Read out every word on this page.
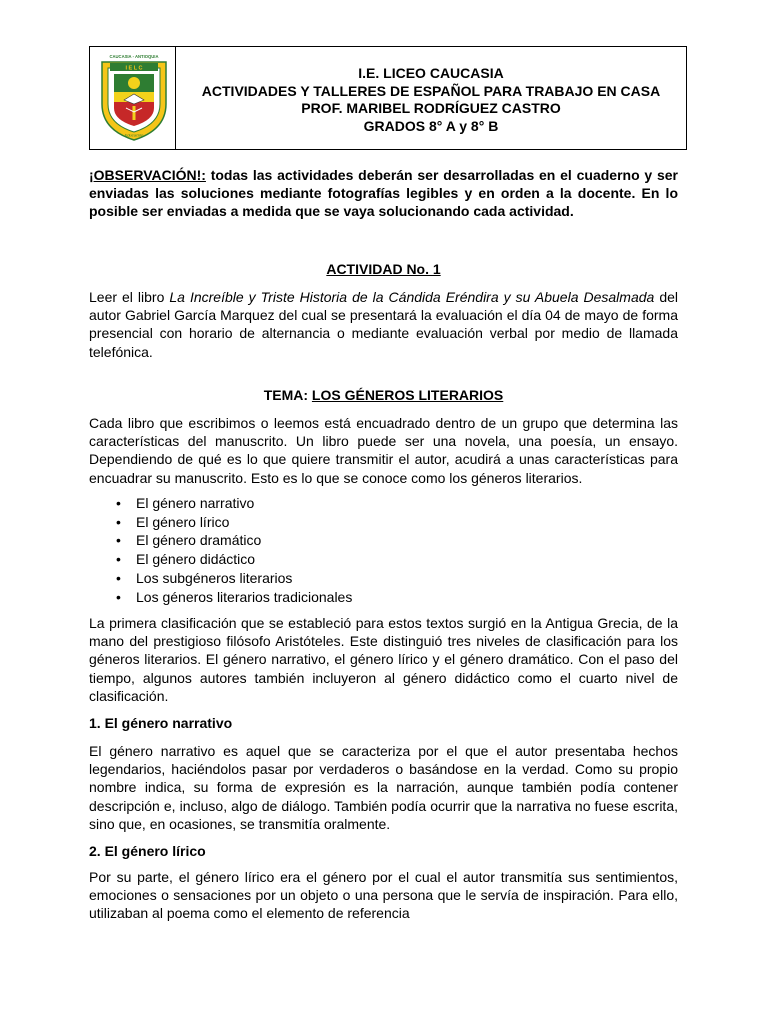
CAUCASIA - ANTIOQUIA
I E L C
Educación
I.E. LICEO CAUCASIA
ACTIVIDADES Y TALLERES DE ESPAÑOL PARA TRABAJO EN CASA
PROF. MARIBEL RODRÍGUEZ CASTRO
GRADOS 8° A y 8° B

¡OBSERVACIÓN!: todas las actividades deberán ser desarrolladas en el cuaderno y ser enviadas las soluciones mediante fotografías legibles y en orden a la docente. En lo posible ser enviadas a medida que se vaya solucionando cada actividad.

ACTIVIDAD No. 1

Leer el libro La Increíble y Triste Historia de la Cándida Eréndira y su Abuela Desalmada del autor Gabriel García Marquez del cual se presentará la evaluación el día 04 de mayo de forma presencial con horario de alternancia o mediante evaluación verbal por medio de llamada telefónica.

TEMA: LOS GÉNEROS LITERARIOS

Cada libro que escribimos o leemos está encuadrado dentro de un grupo que determina las características del manuscrito. Un libro puede ser una novela, una poesía, un ensayo. Dependiendo de qué es lo que quiere transmitir el autor, acudirá a unas características para encuadrar su manuscrito. Esto es lo que se conoce como los géneros literarios.

• El género narrativo
• El género lírico
• El género dramático
• El género didáctico
• Los subgéneros literarios
• Los géneros literarios tradicionales

La primera clasificación que se estableció para estos textos surgió en la Antigua Grecia, de la mano del prestigioso filósofo Aristóteles. Este distinguió tres niveles de clasificación para los géneros literarios. El género narrativo, el género lírico y el género dramático. Con el paso del tiempo, algunos autores también incluyeron al género didáctico como el cuarto nivel de clasificación.

1. El género narrativo

El género narrativo es aquel que se caracteriza por el que el autor presentaba hechos legendarios, haciéndolos pasar por verdaderos o basándose en la verdad. Como su propio nombre indica, su forma de expresión es la narración, aunque también podía contener descripción e, incluso, algo de diálogo. También podía ocurrir que la narrativa no fuese escrita, sino que, en ocasiones, se transmitía oralmente.

2. El género lírico

Por su parte, el género lírico era el género por el cual el autor transmitía sus sentimientos, emociones o sensaciones por un objeto o una persona que le servía de inspiración. Para ello, utilizaban al poema como el elemento de referencia
